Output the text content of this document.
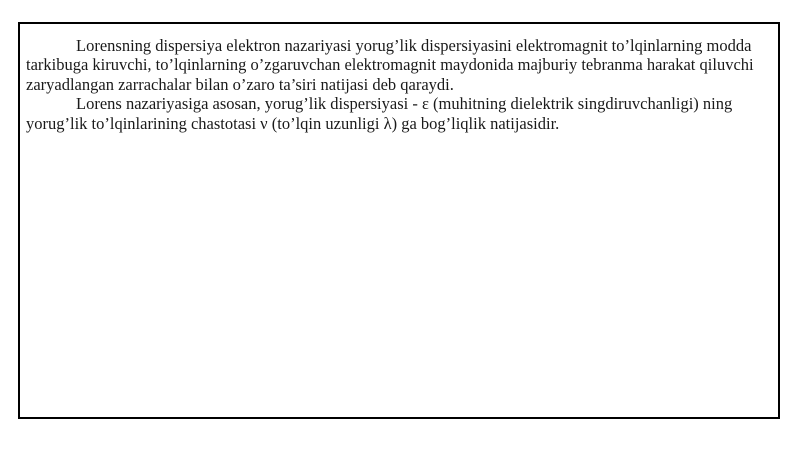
Lorensning dispersiya elektron nazariyasi yorug’lik dispersiyasini elektromagnit to’lqinlarning modda tarkibuga kiruvchi, to’lqinlarning o’zgaruvchan elektromagnit maydonida majburiy tebranma harakat qiluvchi zaryadlangan zarrachalar bilan o’zaro ta’siri natijasi deb qaraydi.

Lorens nazariyasiga asosan, yorug’lik dispersiyasi - ε (muhitning dielektrik singdiruvchanligi) ning yorug’lik to’lqinlarining chastotasi ν (to’lqin uzunligi λ) ga bog’liqlik natijasidir.
